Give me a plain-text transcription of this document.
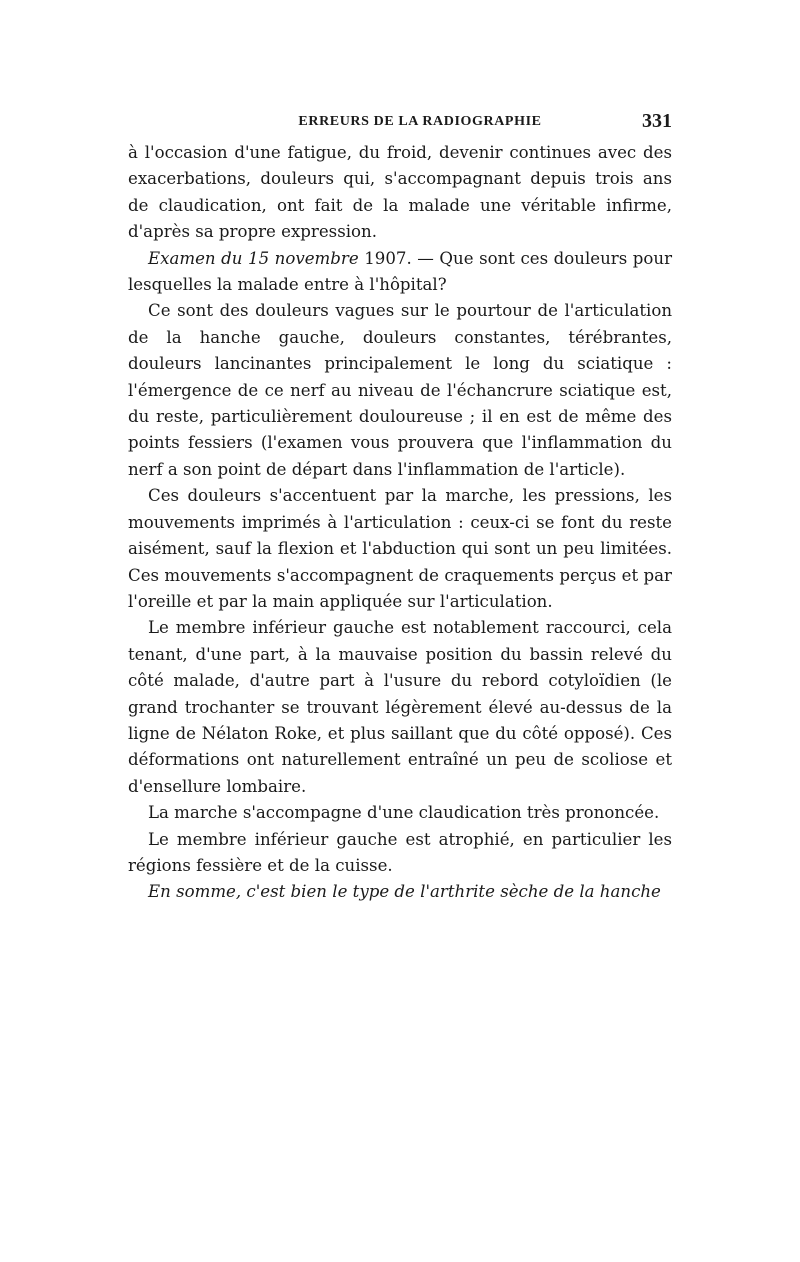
ERREURS DE LA RADIOGRAPHIE	331

à l'occasion d'une fatigue, du froid, devenir continues avec des exacerbations, douleurs qui, s'accompagnant depuis trois ans de claudication, ont fait de la malade une véritable infirme, d'après sa propre expression.

Examen du 15 novembre 1907. — Que sont ces douleurs pour lesquelles la malade entre à l'hôpital?

Ce sont des douleurs vagues sur le pourtour de l'articulation de la hanche gauche, douleurs constantes, térébrantes, douleurs lancinantes principalement le long du sciatique : l'émergence de ce nerf au niveau de l'échancrure sciatique est, du reste, particulièrement douloureuse ; il en est de même des points fessiers (l'examen vous prouvera que l'inflammation du nerf a son point de départ dans l'inflammation de l'article).

Ces douleurs s'accentuent par la marche, les pressions, les mouvements imprimés à l'articulation : ceux-ci se font du reste aisément, sauf la flexion et l'abduction qui sont un peu limitées. Ces mouvements s'accompagnent de craquements perçus et par l'oreille et par la main appliquée sur l'articulation.

Le membre inférieur gauche est notablement raccourci, cela tenant, d'une part, à la mauvaise position du bassin relevé du côté malade, d'autre part à l'usure du rebord cotyloïdien (le grand trochanter se trouvant légèrement élevé au-dessus de la ligne de Nélaton Roke, et plus saillant que du côté opposé). Ces déformations ont naturellement entraîné un peu de scoliose et d'ensellure lombaire.

La marche s'accompagne d'une claudication très prononcée.

Le membre inférieur gauche est atrophié, en particulier les régions fessière et de la cuisse.

En somme, c'est bien le type de l'arthrite sèche de la hanche
